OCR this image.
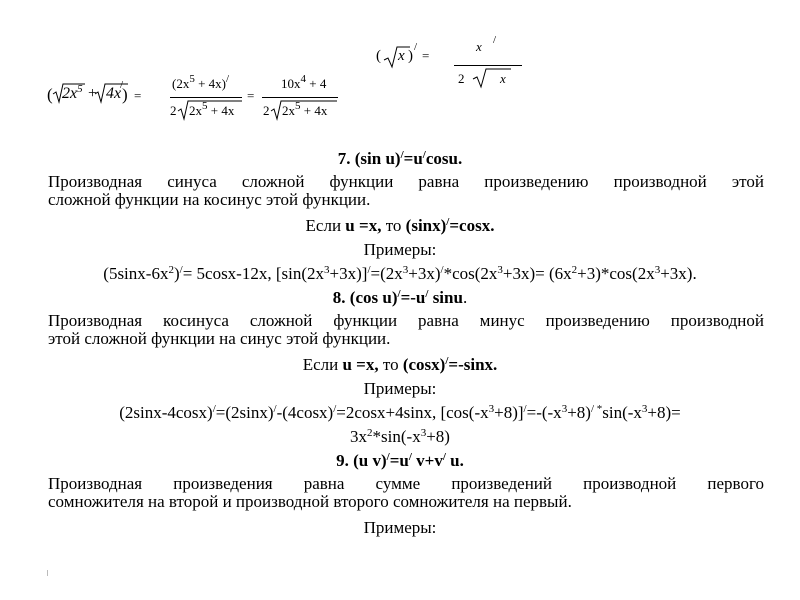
( x )
/
=
x /
2	x
( $2x^5 + 4x$ )
/
=
$(2x^5 + 4x)^/$
2 $2x^5 + 4x$
=
$10x^4 + 4$
2 $2x^5 + 4x$
7. (sin u)/=u/cosu.
Производная синуса сложной функции равна произведению производной этой
сложной функции на косинус этой функции.
Если u =x, то (sinx)/=cosx.
Примеры:
$(5\sin x-6x^2)^/= 5\cos x-12x$, $[\sin(2x^3+3x)]^/=(2x^3+3x)^/*\cos(2x^3+3x)= (6x^2+3)*\cos(2x^3+3x)$.
8. (cos u)/=-u/ sinu.
Производная косинуса сложной функции равна минус произведению производной
этой сложной функции на синус этой функции.
Если u =x, то (cosx)/=-sinx.
Примеры:
(2sinx-4cosx)/=(2sinx)/-(4cosx)/=2cosx+4sinx, $[\cos(-x^3+8)]^/=-(-x^3+8)^{/ *}\sin(-x^3+8)=$
$3x^2*\sin(-x^3+8)$
9. (u v)/=u/ v+v/ u.
Производная произведения равна сумме произведений производной первого
сомножителя на второй и производной второго сомножителя на первый.
Примеры:
